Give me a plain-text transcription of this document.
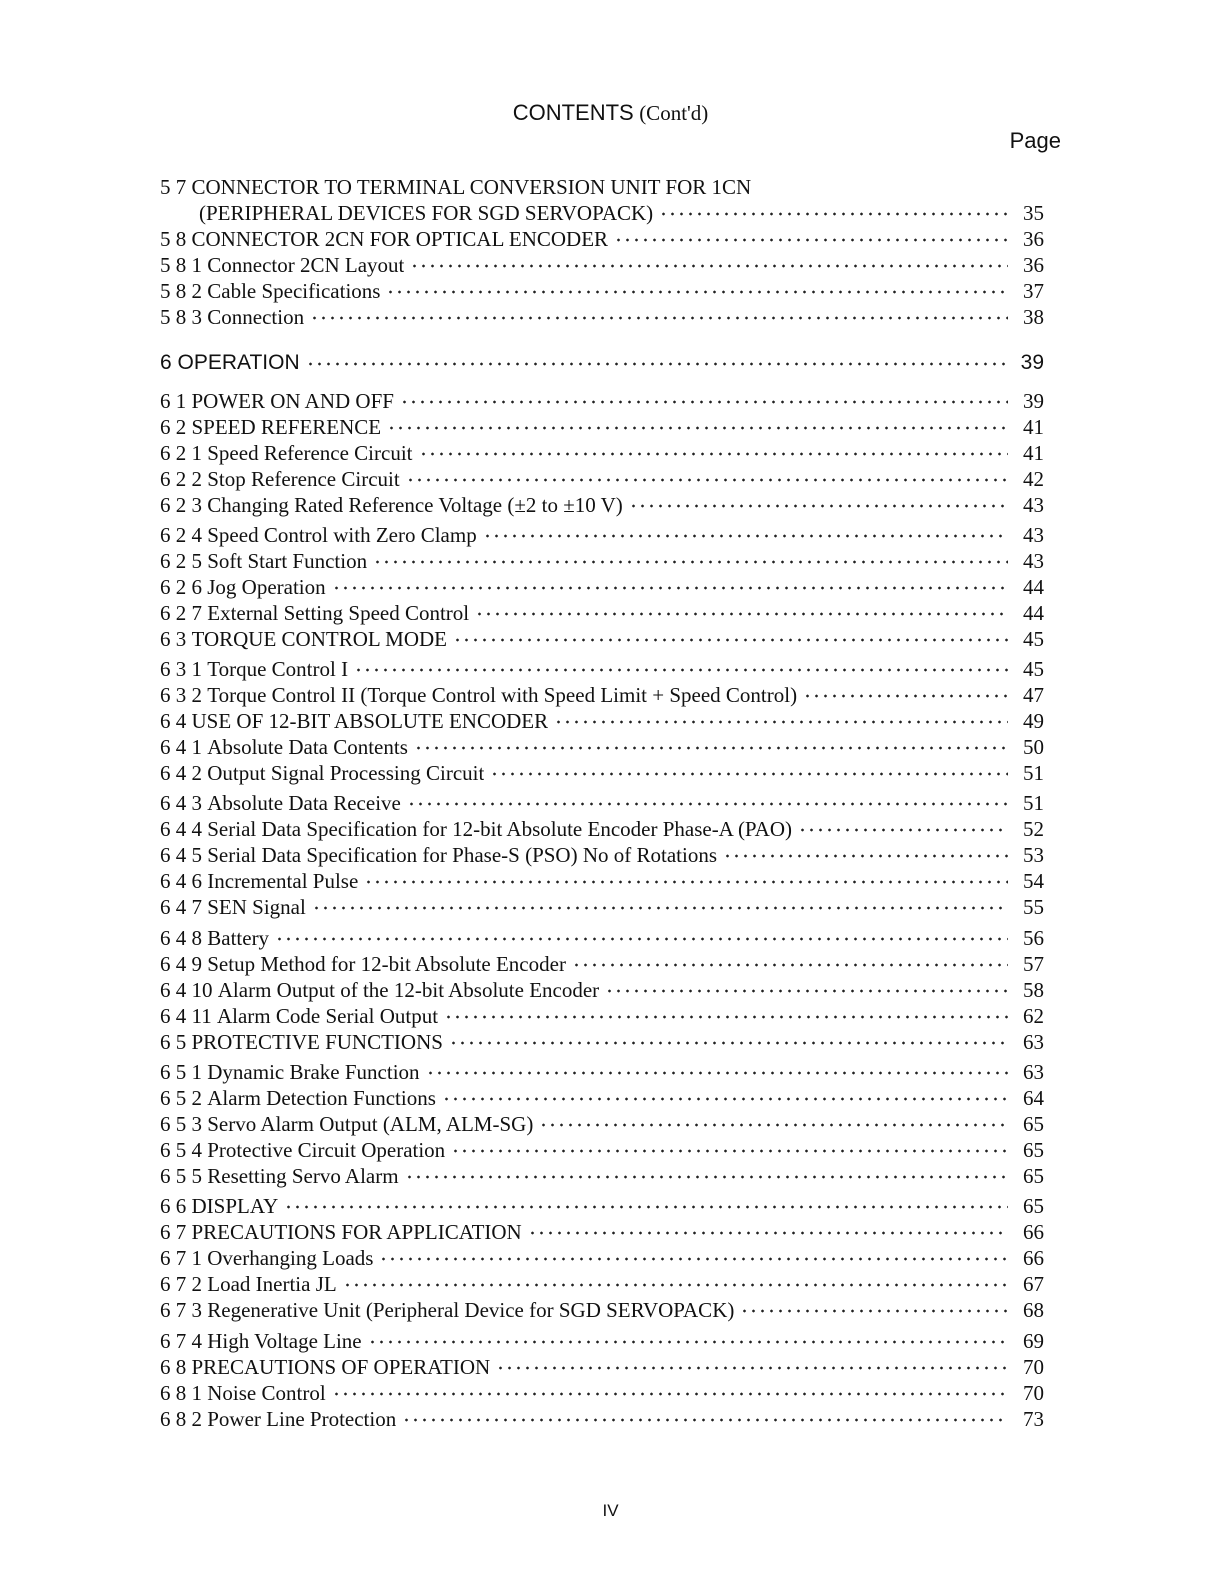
CONTENTS (Cont'd)
Page
5 7 CONNECTOR TO TERMINAL CONVERSION UNIT FOR 1CN
(PERIPHERAL DEVICES FOR SGD SERVOPACK)	35
5 8 CONNECTOR 2CN FOR OPTICAL ENCODER	36
5 8 1 Connector 2CN Layout	36
5 8 2 Cable Specifications	37
5 8 3 Connection	38
6 OPERATION	39
6 1 POWER ON AND OFF	39
6 2 SPEED REFERENCE	41
6 2 1 Speed Reference Circuit	41
6 2 2 Stop Reference Circuit	42
6 2 3 Changing Rated Reference Voltage (±2 to ±10 V)	43
6 2 4 Speed Control with Zero Clamp	43
6 2 5 Soft Start Function	43
6 2 6 Jog Operation	44
6 2 7 External Setting Speed Control	44
6 3 TORQUE CONTROL MODE	45
6 3 1 Torque Control I	45
6 3 2 Torque Control II (Torque Control with Speed Limit + Speed Control)	47
6 4 USE OF 12-BIT ABSOLUTE ENCODER	49
6 4 1 Absolute Data Contents	50
6 4 2 Output Signal Processing Circuit	51
6 4 3 Absolute Data Receive	51
6 4 4 Serial Data Specification for 12-bit Absolute Encoder Phase-A (PAO)	52
6 4 5 Serial Data Specification for Phase-S (PSO) No of Rotations	53
6 4 6 Incremental Pulse	54
6 4 7 SEN Signal	55
6 4 8 Battery	56
6 4 9 Setup Method for 12-bit Absolute Encoder	57
6 4 10 Alarm Output of the 12-bit Absolute Encoder	58
6 4 11 Alarm Code Serial Output	62
6 5 PROTECTIVE FUNCTIONS	63
6 5 1 Dynamic Brake Function	63
6 5 2 Alarm Detection Functions	64
6 5 3 Servo Alarm Output (ALM, ALM-SG)	65
6 5 4 Protective Circuit Operation	65
6 5 5 Resetting Servo Alarm	65
6 6 DISPLAY	65
6 7 PRECAUTIONS FOR APPLICATION	66
6 7 1 Overhanging Loads	66
6 7 2 Load Inertia JL	67
6 7 3 Regenerative Unit (Peripheral Device for SGD SERVOPACK)	68
6 7 4 High Voltage Line	69
6 8 PRECAUTIONS OF OPERATION	70
6 8 1 Noise Control	70
6 8 2 Power Line Protection	73
IV
